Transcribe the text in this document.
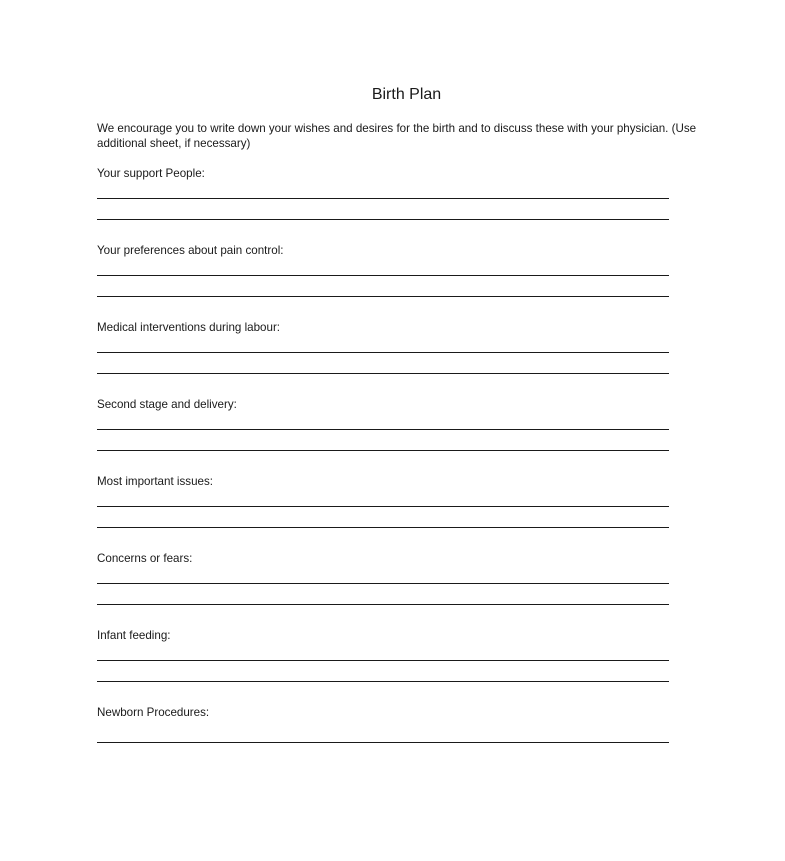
Birth Plan

We encourage you to write down your wishes and desires for the birth and to discuss these with your physician. (Use additional sheet, if necessary)

Your support People:

Your preferences about pain control:

Medical interventions during labour:

Second stage and delivery:

Most important issues:

Concerns or fears:

Infant feeding:

Newborn Procedures:
